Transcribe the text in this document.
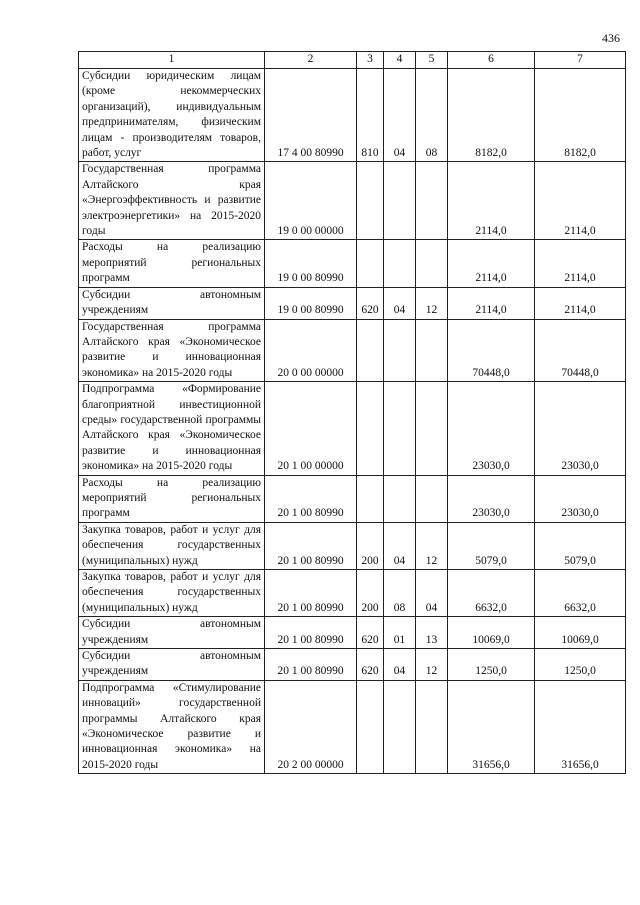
436
1	2	3	4	5	6	7
Субсидии юридическим лицам (кроме некоммерческих организаций), индивидуальным предпринимателям, физическим лицам - производителям товаров, работ, услуг	17 4 00 80990	810	04	08	8182,0	8182,0
Государственная программа Алтайского края «Энергоэффективность и развитие электроэнергетики» на 2015-2020 годы	19 0 00 00000				2114,0	2114,0
Расходы на реализацию мероприятий региональных программ	19 0 00 80990				2114,0	2114,0
Субсидии автономным учреждениям	19 0 00 80990	620	04	12	2114,0	2114,0
Государственная программа Алтайского края «Экономическое развитие и инновационная экономика» на 2015-2020 годы	20 0 00 00000				70448,0	70448,0
Подпрограмма «Формирование благоприятной инвестиционной среды» государственной программы Алтайского края «Экономическое развитие и инновационная экономика» на 2015-2020 годы	20 1 00 00000				23030,0	23030,0
Расходы на реализацию мероприятий региональных программ	20 1 00 80990				23030,0	23030,0
Закупка товаров, работ и услуг для обеспечения государственных (муниципальных) нужд	20 1 00 80990	200	04	12	5079,0	5079,0
Закупка товаров, работ и услуг для обеспечения государственных (муниципальных) нужд	20 1 00 80990	200	08	04	6632,0	6632,0
Субсидии автономным учреждениям	20 1 00 80990	620	01	13	10069,0	10069,0
Субсидии автономным учреждениям	20 1 00 80990	620	04	12	1250,0	1250,0
Подпрограмма «Стимулирование инноваций» государственной программы Алтайского края «Экономическое развитие и инновационная экономика» на 2015-2020 годы	20 2 00 00000				31656,0	31656,0
